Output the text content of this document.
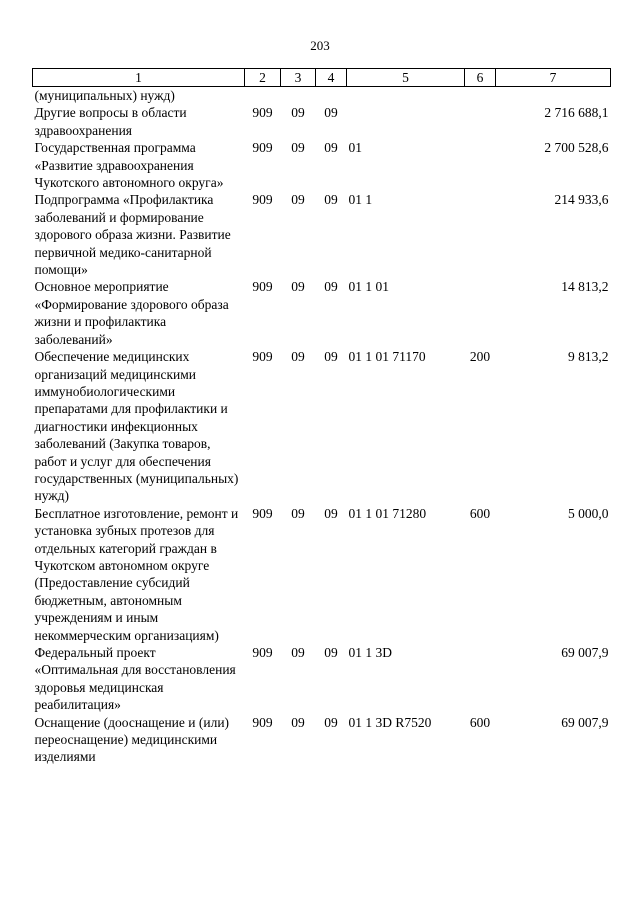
203
1	2	3	4	5	6	7
(муниципальных) нужд)						
Другие вопросы в области здравоохранения	909	09	09			2 716 688,1
Государственная программа «Развитие здравоохранения Чукотского автономного округа»	909	09	09	01		2 700 528,6
Подпрограмма «Профилактика заболеваний и формирование здорового образа жизни. Развитие первичной медико-санитарной помощи»	909	09	09	01 1		214 933,6
Основное мероприятие «Формирование здорового образа жизни и профилактика заболеваний»	909	09	09	01 1 01		14 813,2
Обеспечение медицинских организаций медицинскими иммунобиологическими препаратами для профилактики и диагностики инфекционных заболеваний (Закупка товаров, работ и услуг для обеспечения государственных (муниципальных) нужд)	909	09	09	01 1 01 71170	200	9 813,2
Бесплатное изготовление, ремонт и установка зубных протезов для отдельных категорий граждан в Чукотском автономном округе (Предоставление субсидий бюджетным, автономным учреждениям и иным некоммерческим организациям)	909	09	09	01 1 01 71280	600	5 000,0
Федеральный проект «Оптимальная для восстановления здоровья медицинская реабилитация»	909	09	09	01 1 3D		69 007,9
Оснащение (дооснащение и (или) переоснащение) медицинскими изделиями	909	09	09	01 1 3D R7520	600	69 007,9
